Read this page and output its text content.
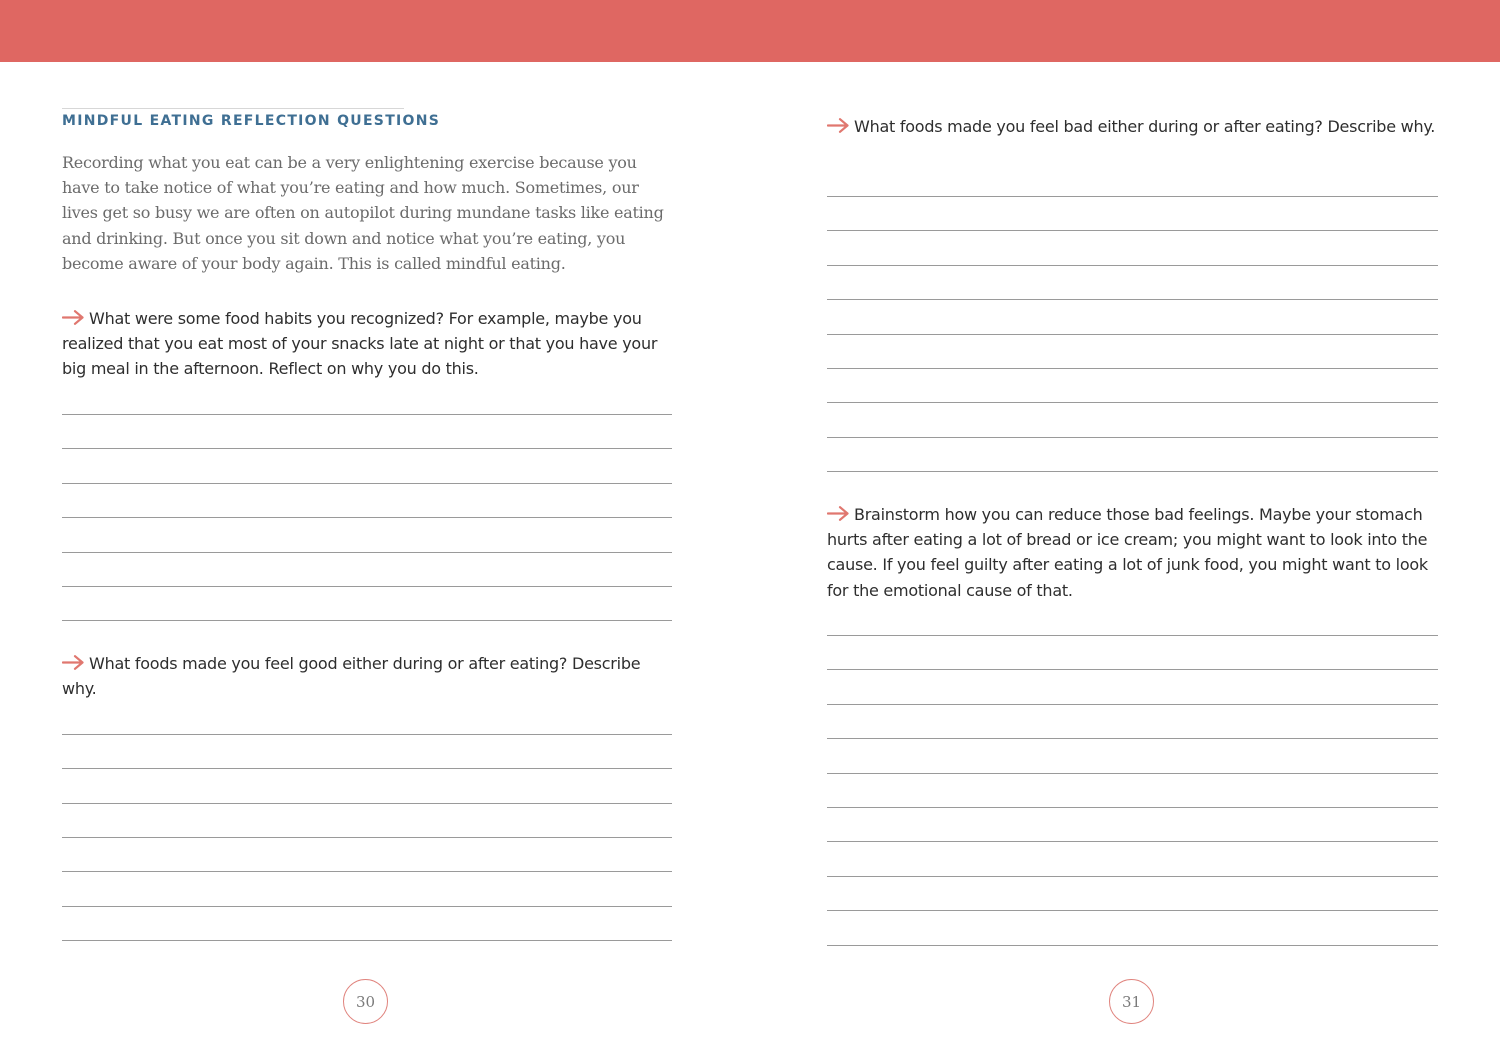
MINDFUL EATING REFLECTION QUESTIONS

Recording what you eat can be a very enlightening exercise because you have to take notice of what you’re eating and how much. Sometimes, our lives get so busy we are often on autopilot during mundane tasks like eating and drinking. But once you sit down and notice what you’re eating, you become aware of your body again. This is called mindful eating.

What were some food habits you recognized? For example, maybe you realized that you eat most of your snacks late at night or that you have your big meal in the afternoon. Reflect on why you do this.

What foods made you feel good either during or after eating? Describe why.

30

What foods made you feel bad either during or after eating? Describe why.

Brainstorm how you can reduce those bad feelings. Maybe your stomach hurts after eating a lot of bread or ice cream; you might want to look into the cause. If you feel guilty after eating a lot of junk food, you might want to look for the emotional cause of that.

31
